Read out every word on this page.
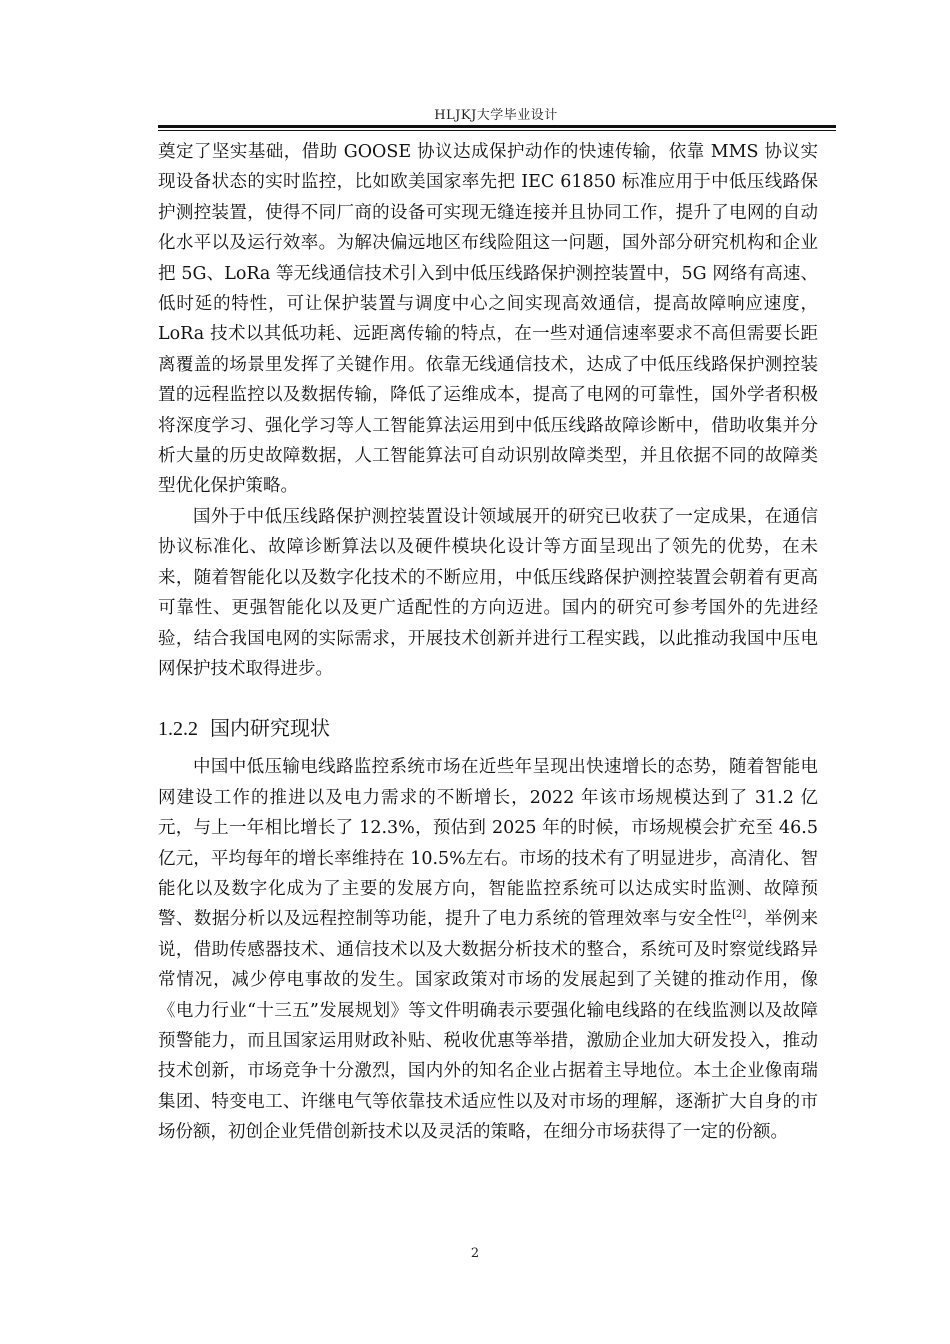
HLJKJ大学毕业设计

奠定了坚实基础，借助 GOOSE 协议达成保护动作的快速传输，依靠 MMS 协议实现设备状态的实时监控，比如欧美国家率先把 IEC 61850 标准应用于中低压线路保护测控装置，使得不同厂商的设备可实现无缝连接并且协同工作，提升了电网的自动化水平以及运行效率。为解决偏远地区布线险阻这一问题，国外部分研究机构和企业把 5G、LoRa 等无线通信技术引入到中低压线路保护测控装置中，5G 网络有高速、低时延的特性，可让保护装置与调度中心之间实现高效通信，提高故障响应速度，LoRa 技术以其低功耗、远距离传输的特点，在一些对通信速率要求不高但需要长距离覆盖的场景里发挥了关键作用。依靠无线通信技术，达成了中低压线路保护测控装置的远程监控以及数据传输，降低了运维成本，提高了电网的可靠性，国外学者积极将深度学习、强化学习等人工智能算法运用到中低压线路故障诊断中，借助收集并分析大量的历史故障数据，人工智能算法可自动识别故障类型，并且依据不同的故障类型优化保护策略。

国外于中低压线路保护测控装置设计领域展开的研究已收获了一定成果，在通信协议标准化、故障诊断算法以及硬件模块化设计等方面呈现出了领先的优势，在未来，随着智能化以及数字化技术的不断应用，中低压线路保护测控装置会朝着有更高可靠性、更强智能化以及更广适配性的方向迈进。国内的研究可参考国外的先进经验，结合我国电网的实际需求，开展技术创新并进行工程实践，以此推动我国中压电网保护技术取得进步。

1.2.2 国内研究现状

中国中低压输电线路监控系统市场在近些年呈现出快速增长的态势，随着智能电网建设工作的推进以及电力需求的不断增长，2022 年该市场规模达到了 31.2 亿元，与上一年相比增长了 12.3%，预估到 2025 年的时候，市场规模会扩充至 46.5 亿元，平均每年的增长率维持在 10.5%左右。市场的技术有了明显进步，高清化、智能化以及数字化成为了主要的发展方向，智能监控系统可以达成实时监测、故障预警、数据分析以及远程控制等功能，提升了电力系统的管理效率与安全性[2]，举例来说，借助传感器技术、通信技术以及大数据分析技术的整合，系统可及时察觉线路异常情况，减少停电事故的发生。国家政策对市场的发展起到了关键的推动作用，像《电力行业“十三五”发展规划》等文件明确表示要强化输电线路的在线监测以及故障预警能力，而且国家运用财政补贴、税收优惠等举措，激励企业加大研发投入，推动技术创新，市场竞争十分激烈，国内外的知名企业占据着主导地位。本土企业像南瑞集团、特变电工、许继电气等依靠技术适应性以及对市场的理解，逐渐扩大自身的市场份额，初创企业凭借创新技术以及灵活的策略，在细分市场获得了一定的份额。

2
